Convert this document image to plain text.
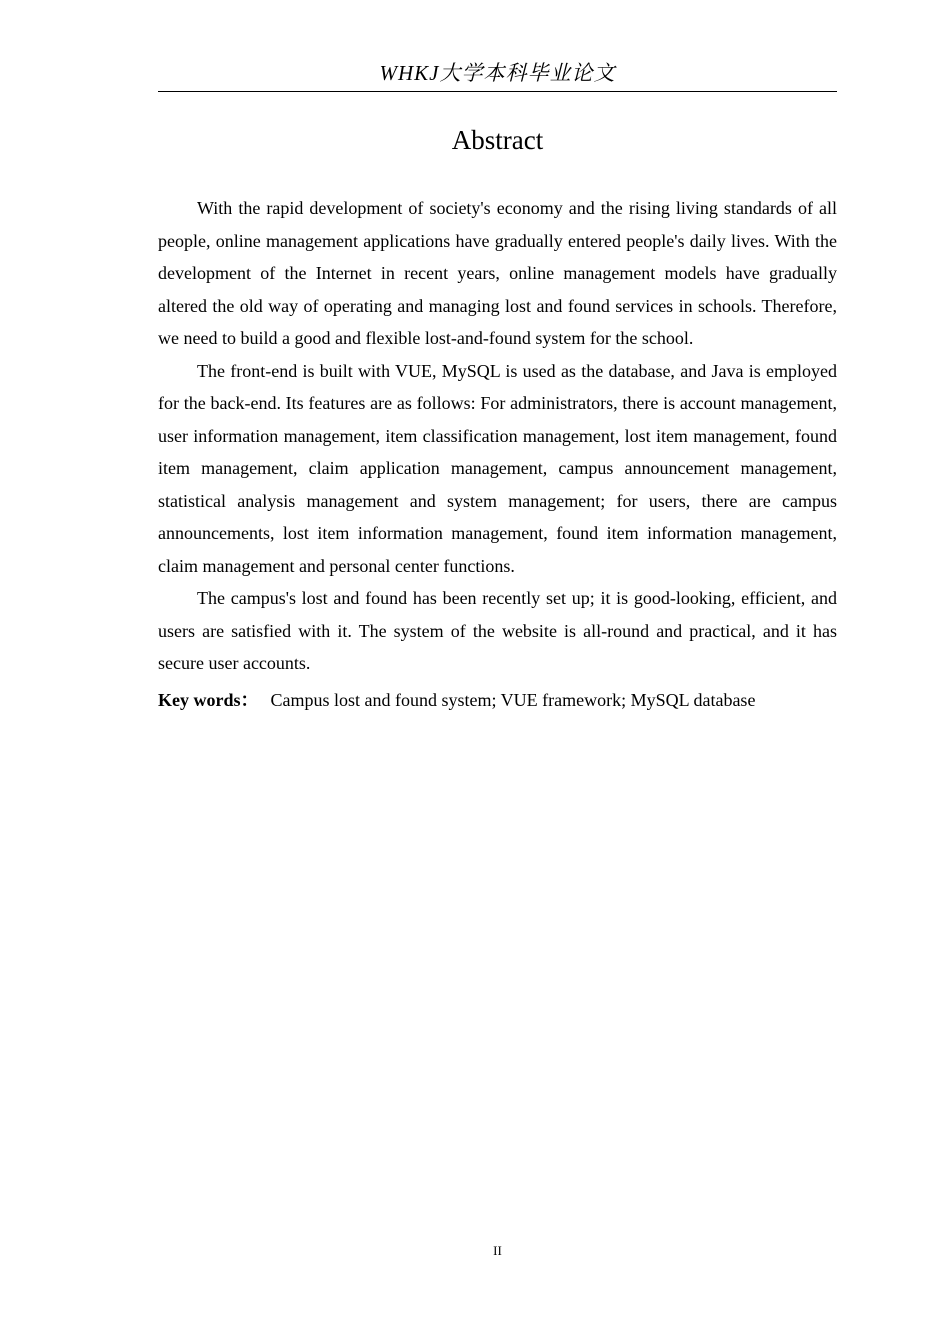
WHKJ大学本科毕业论文
Abstract

With the rapid development of society's economy and the rising living standards of all people, online management applications have gradually entered people's daily lives. With the development of the Internet in recent years, online management models have gradually altered the old way of operating and managing lost and found services in schools. Therefore, we need to build a good and flexible lost-and-found system for the school.

The front-end is built with VUE, MySQL is used as the database, and Java is employed for the back-end. Its features are as follows: For administrators, there is account management, user information management, item classification management, lost item management, found item management, claim application management, campus announcement management, statistical analysis management and system management; for users, there are campus announcements, lost item information management, found item information management, claim management and personal center functions.

The campus's lost and found has been recently set up; it is good-looking, efficient, and users are satisfied with it. The system of the website is all-round and practical, and it has secure user accounts.

Key words： Campus lost and found system; VUE framework; MySQL database

II
